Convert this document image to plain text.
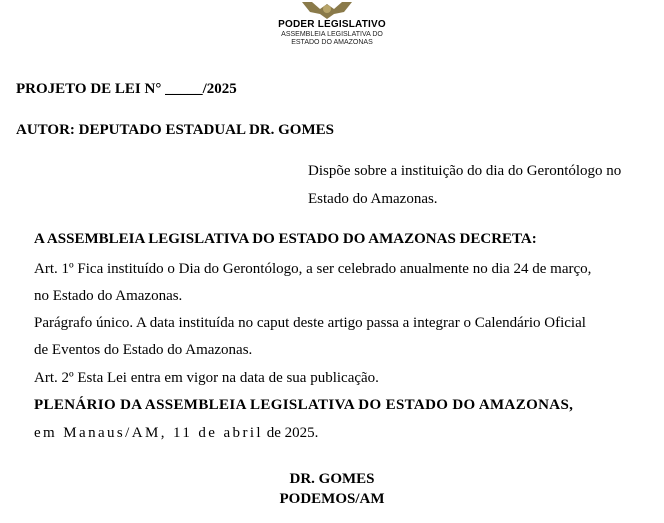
PODER LEGISLATIVO
ASSEMBLEIA LEGISLATIVA DO
ESTADO DO AMAZONAS
PROJETO DE LEI N° _____/2025
AUTOR: DEPUTADO ESTADUAL DR. GOMES
Dispõe sobre a instituição do dia do Gerontólogo no
Estado do Amazonas.
A ASSEMBLEIA LEGISLATIVA DO ESTADO DO AMAZONAS DECRETA:
Art. 1º Fica instituído o Dia do Gerontólogo, a ser celebrado anualmente no dia 24 de março,
no Estado do Amazonas.
Parágrafo único. A data instituída no caput deste artigo passa a integrar o Calendário Oficial
de Eventos do Estado do Amazonas.
Art. 2º Esta Lei entra em vigor na data de sua publicação.
PLENÁRIO DA ASSEMBLEIA LEGISLATIVA DO ESTADO DO AMAZONAS,
em Manaus/AM, 11 de abril de 2025.
DR. GOMES
PODEMOS/AM
